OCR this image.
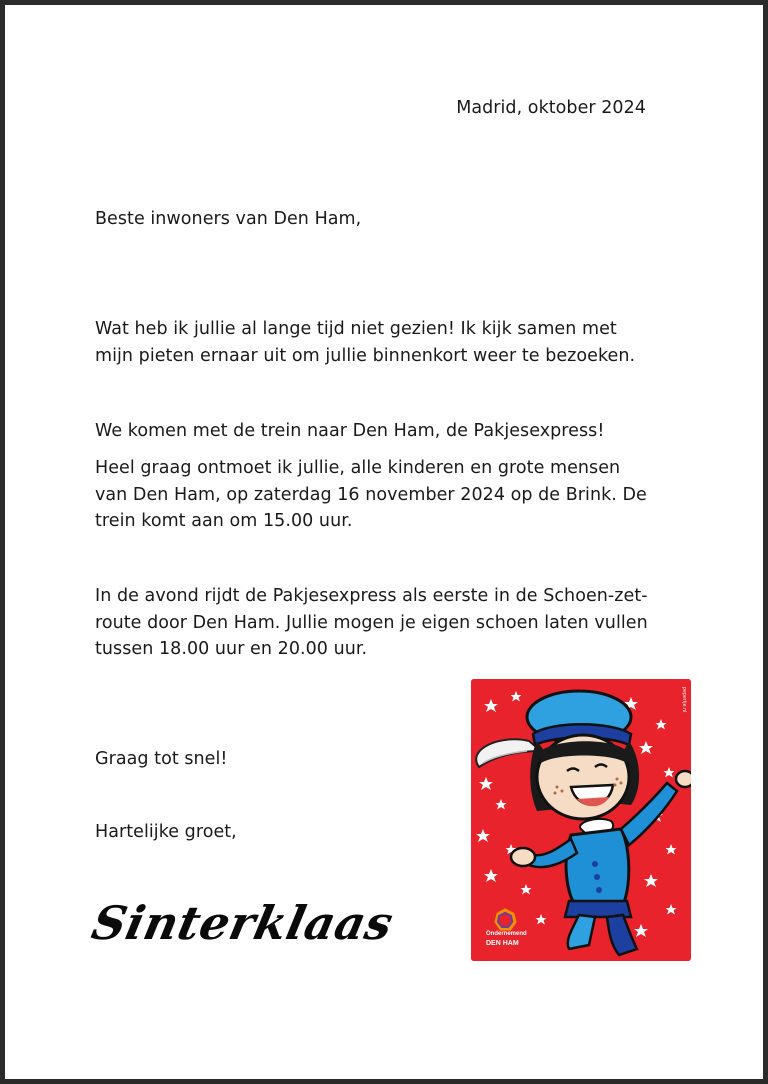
Madrid, oktober 2024
Beste inwoners van Den Ham,
Wat heb ik jullie al lange tijd niet gezien! Ik kijk samen met mijn pieten ernaar uit om jullie binnenkort weer te bezoeken.
We komen met de trein naar Den Ham, de Pakjesexpress!
Heel graag ontmoet ik jullie, alle kinderen en grote mensen van Den Ham, op zaterdag 16 november 2024 op de Brink. De trein komt aan om 15.00 uur.
In de avond rijdt de Pakjesexpress als eerste in de Schoen-zet-route door Den Ham. Jullie mogen je eigen schoen laten vullen tussen 18.00 uur en 20.00 uur.
Graag tot snel!
Hartelijke groet,
Sinterklaas	Ondernemend
DEN HAM
pepertje.nl
